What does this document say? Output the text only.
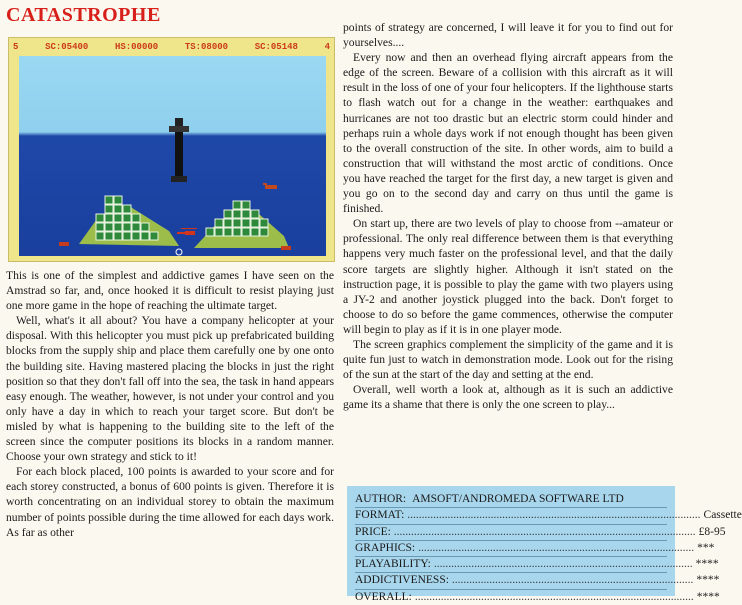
CATASTROPHE
5	SC:05400	HS:00000	TS:08000	SC:05148	4

This is one of the simplest and addictive games I have seen on the Amstrad so far, and, once hooked it is difficult to resist playing just one more game in the hope of reaching the ultimate target.

Well, what's it all about? You have a company helicopter at your disposal. With this helicopter you must pick up prefabricated building blocks from the supply ship and place them carefully one by one onto the building site. Having mastered placing the blocks in just the right position so that they don't fall off into the sea, the task in hand appears easy enough. The weather, however, is not under your control and you only have a day in which to reach your target score. But don't be misled by what is happening to the building site to the left of the screen since the computer positions its blocks in a random manner. Choose your own strategy and stick to it!

For each block placed, 100 points is awarded to your score and for each storey constructed, a bonus of 600 points is given. Therefore it is worth concentrating on an individual storey to obtain the maximum number of points possible during the time allowed for each days work. As far as other

points of strategy are concerned, I will leave it for you to find out for yourselves....

Every now and then an overhead flying aircraft appears from the edge of the screen. Beware of a collision with this aircraft as it will result in the loss of one of your four helicopters. If the lighthouse starts to flash watch out for a change in the weather: earthquakes and hurricanes are not too drastic but an electric storm could hinder and perhaps ruin a whole days work if not enough thought has been given to the overall construction of the site. In other words, aim to build a construction that will withstand the most arctic of conditions. Once you have reached the target for the first day, a new target is given and you go on to the second day and carry on thus until the game is finished.

On start up, there are two levels of play to choose from --amateur or professional. The only real difference between them is that everything happens very much faster on the professional level, and that the daily score targets are slightly higher. Although it isn't stated on the instruction page, it is possible to play the game with two players using a JY-2 and another joystick plugged into the back. Don't forget to choose to do so before the game commences, otherwise the computer will begin to play as if it is in one player mode.

The screen graphics complement the simplicity of the game and it is quite fun just to watch in demonstration mode. Look out for the rising of the sun at the start of the day and setting at the end.

Overall, well worth a look at, although as it is such an addictive game its a shame that there is only the one screen to play...

AUTHOR: AMSOFT/ANDROMEDA SOFTWARE LTD
FORMAT: ...................................................................................................... Cassette
PRICE: ......................................................................................................... £8-95
GRAPHICS: ................................................................................................ ***
PLAYABILITY: .......................................................................................... ****
ADDICTIVENESS: .................................................................................... ****
OVERALL: ................................................................................................. ****
